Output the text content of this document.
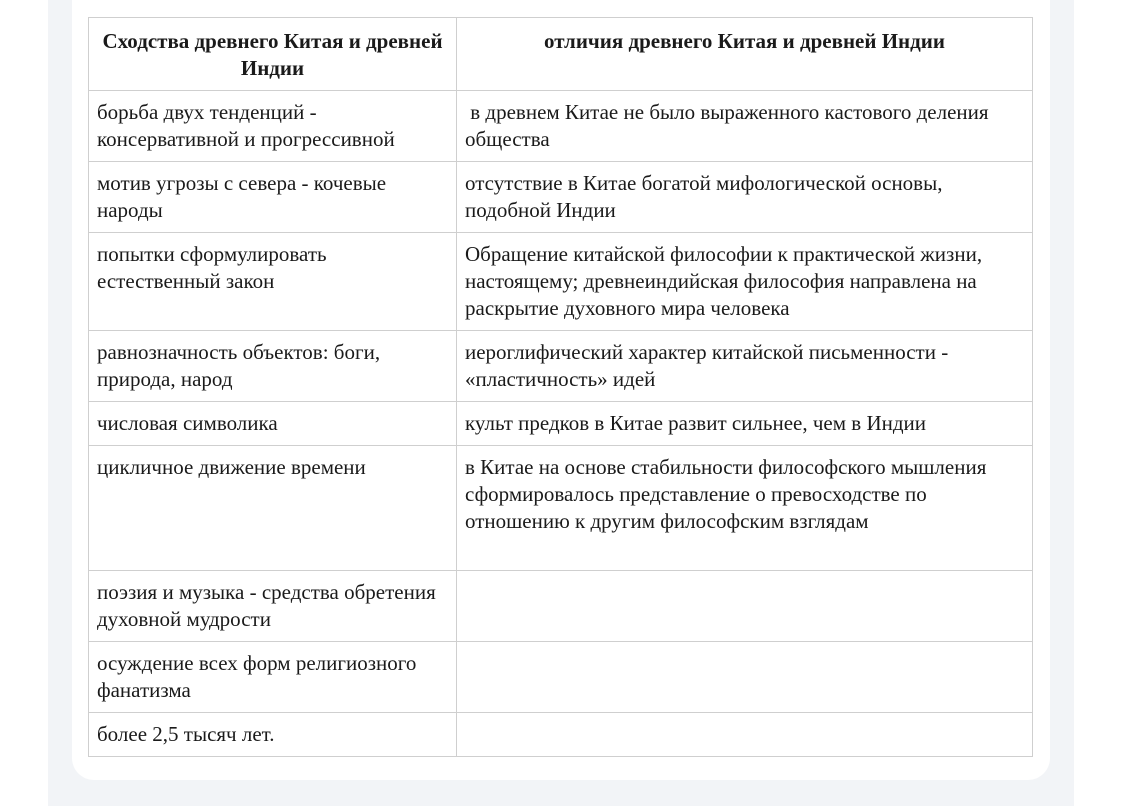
Сходства древнего Китая и древней Индии	отличия древнего Китая и древней Индии
борьба двух тенденций - консервативной и прогрессивной	в древнем Китае не было выраженного кастового деления общества
мотив угрозы с севера - кочевые народы	отсутствие в Китае богатой мифологической основы, подобной Индии
попытки сформулировать естественный закон	Обращение китайской философии к практической жизни, настоящему; древнеиндийская философия направлена на раскрытие духовного мира человека
равнозначность объектов: боги, природа, народ	иероглифический характер китайской письменности - «пластичность» идей
числовая символика	культ предков в Китае развит сильнее, чем в Индии
цикличное движение времени	в Китае на основе стабильности философского мышления сформировалось представление о превосходстве по отношению к другим философским взглядам
поэзия и музыка - средства обретения духовной мудрости	
осуждение всех форм религиозного фанатизма	
более 2,5 тысяч лет.	
